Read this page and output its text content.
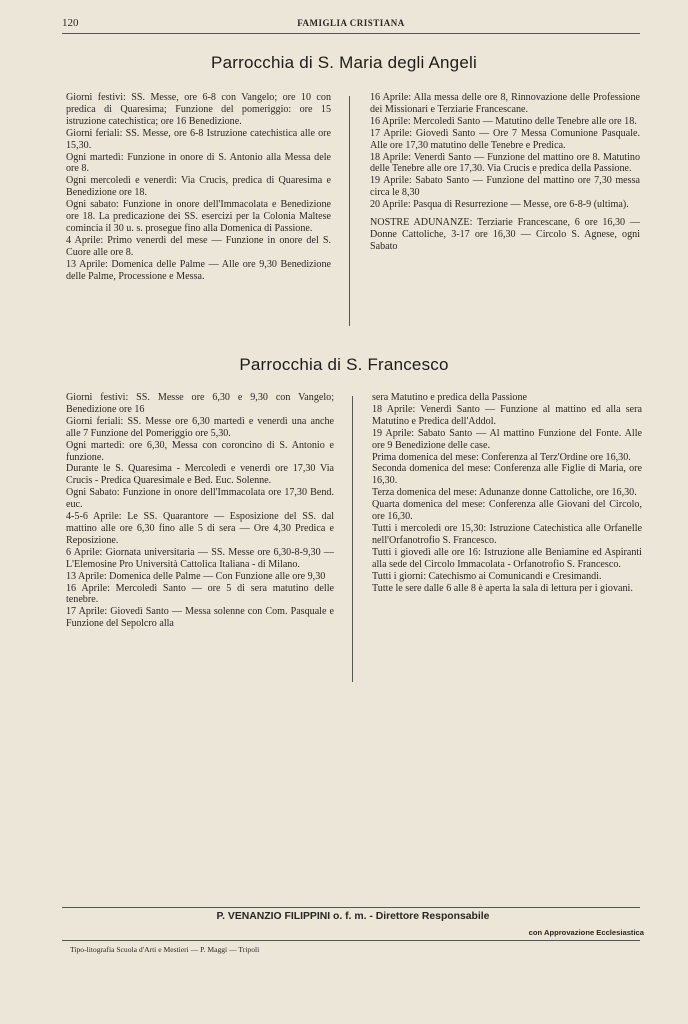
120	FAMIGLIA CRISTIANA
Parrocchia di S. Maria degli Angeli

Giorni festivi: SS. Messe, ore 6-8 con Vangelo; ore 10 con predica di Quaresima; Funzione del pomeriggio: ore 15 istruzione catechistica; ore 16 Benedizione.

Giorni feriali: SS. Messe, ore 6-8 Istruzione catechistica alle ore 15,30.

Ogni martedì: Funzione in onore di S. Antonio alla Messa dele ore 8.

Ogni mercoledì e venerdì: Via Crucis, predica di Quaresima e Benedizione ore 18.

Ogni sabato: Funzione in onore dell'Immacolata e Benedizione ore 18. La predicazione dei SS. esercizi per la Colonia Maltese comincia il 30 u. s. prosegue fino alla Domenica di Passione.

4 Aprile: Primo venerdì del mese — Funzione in onore del S. Cuore alle ore 8.

13 Aprile: Domenica delle Palme — Alle ore 9,30 Benedizione delle Palme, Processione e Messa.

16 Aprile: Alla messa delle ore 8, Rinnovazione delle Professione dei Missionari e Terziarie Francescane.

16 Aprile: Mercoledì Santo — Matutino delle Tenebre alle ore 18.

17 Aprile: Giovedì Santo — Ore 7 Messa Comunione Pasquale. Alle ore 17,30 matutino delle Tenebre e Predica.

18 Aprile: Venerdì Santo — Funzione del mattino ore 8. Matutino delle Tenebre alle ore 17,30. Via Crucis e predica della Passione.

19 Aprile: Sabato Santo — Funzione del mattino ore 7,30 messa circa le 8,30

20 Aprile: Pasqua di Resurrezione — Messe, ore 6-8-9 (ultima).

NOSTRE ADUNANZE: Terziarie Francescane, 6 ore 16,30 — Donne Cattoliche, 3-17 ore 16,30 — Circolo S. Agnese, ogni Sabato

Parrocchia di S. Francesco

Giorni festivi: SS. Messe ore 6,30 e 9,30 con Vangelo; Benedizione ore 16

Giorni feriali: SS. Messe ore 6,30 martedì e venerdì una anche alle 7 Funzione del Pomeriggio ore 5,30.

Ogni martedì: ore 6,30, Messa con coroncino di S. Antonio e funzione.

Durante le S. Quaresima - Mercoledì e venerdì ore 17,30 Via Crucis - Predica Quaresimale e Bed. Euc. Solenne.

Ogni Sabato: Funzione in onore dell'Immacolata ore 17,30 Bend. euc.

4-5-6 Aprile: Le SS. Quarantore — Esposizione del SS. dal mattino alle ore 6,30 fino alle 5 di sera — Ore 4,30 Predica e Reposizione.

6 Aprile: Giornata universitaria — SS. Messe ore 6,30-8-9,30 — L'Elemosine Pro Università Cattolica Italiana - di Milano.

13 Aprile: Domenica delle Palme — Con Funzione alle ore 9,30

16 Aprile: Mercoledì Santo — ore 5 di sera matutino delle tenebre.

17 Aprile: Giovedì Santo — Messa solenne con Com. Pasquale e Funzione del Sepolcro alla

sera Matutino e predica della Passione

18 Aprile: Venerdì Santo — Funzione al mattino ed alla sera Matutino e Predica dell'Addol.

19 Aprile: Sabato Santo — Al mattino Funzione del Fonte. Alle ore 9 Benedizione delle case.

Prima domenica del mese: Conferenza al Terz'Ordine ore 16,30.

Seconda domenica del mese: Conferenza alle Figlie di Maria, ore 16,30.

Terza domenica del mese: Adunanze donne Cattoliche, ore 16,30.

Quarta domenica del mese: Conferenza alle Giovani del Circolo, ore 16,30.

Tutti i mercoledì ore 15,30: Istruzione Catechistica alle Orfanelle nell'Orfanotrofio S. Francesco.

Tutti i giovedì alle ore 16: Istruzione alle Beniamine ed Aspiranti alla sede del Circolo Immacolata - Orfanotrofio S. Francesco.

Tutti i giorni: Catechismo ai Comunicandi e Cresimandi.

Tutte le sere dalle 6 alle 8 è aperta la sala di lettura per i giovani.

P. VENANZIO FILIPPINI o. f. m. - Direttore Responsabile
con Approvazione Ecclesiastica
Tipo-litografia Scuola d'Arti e Mestieri — P. Maggi — Tripoli
